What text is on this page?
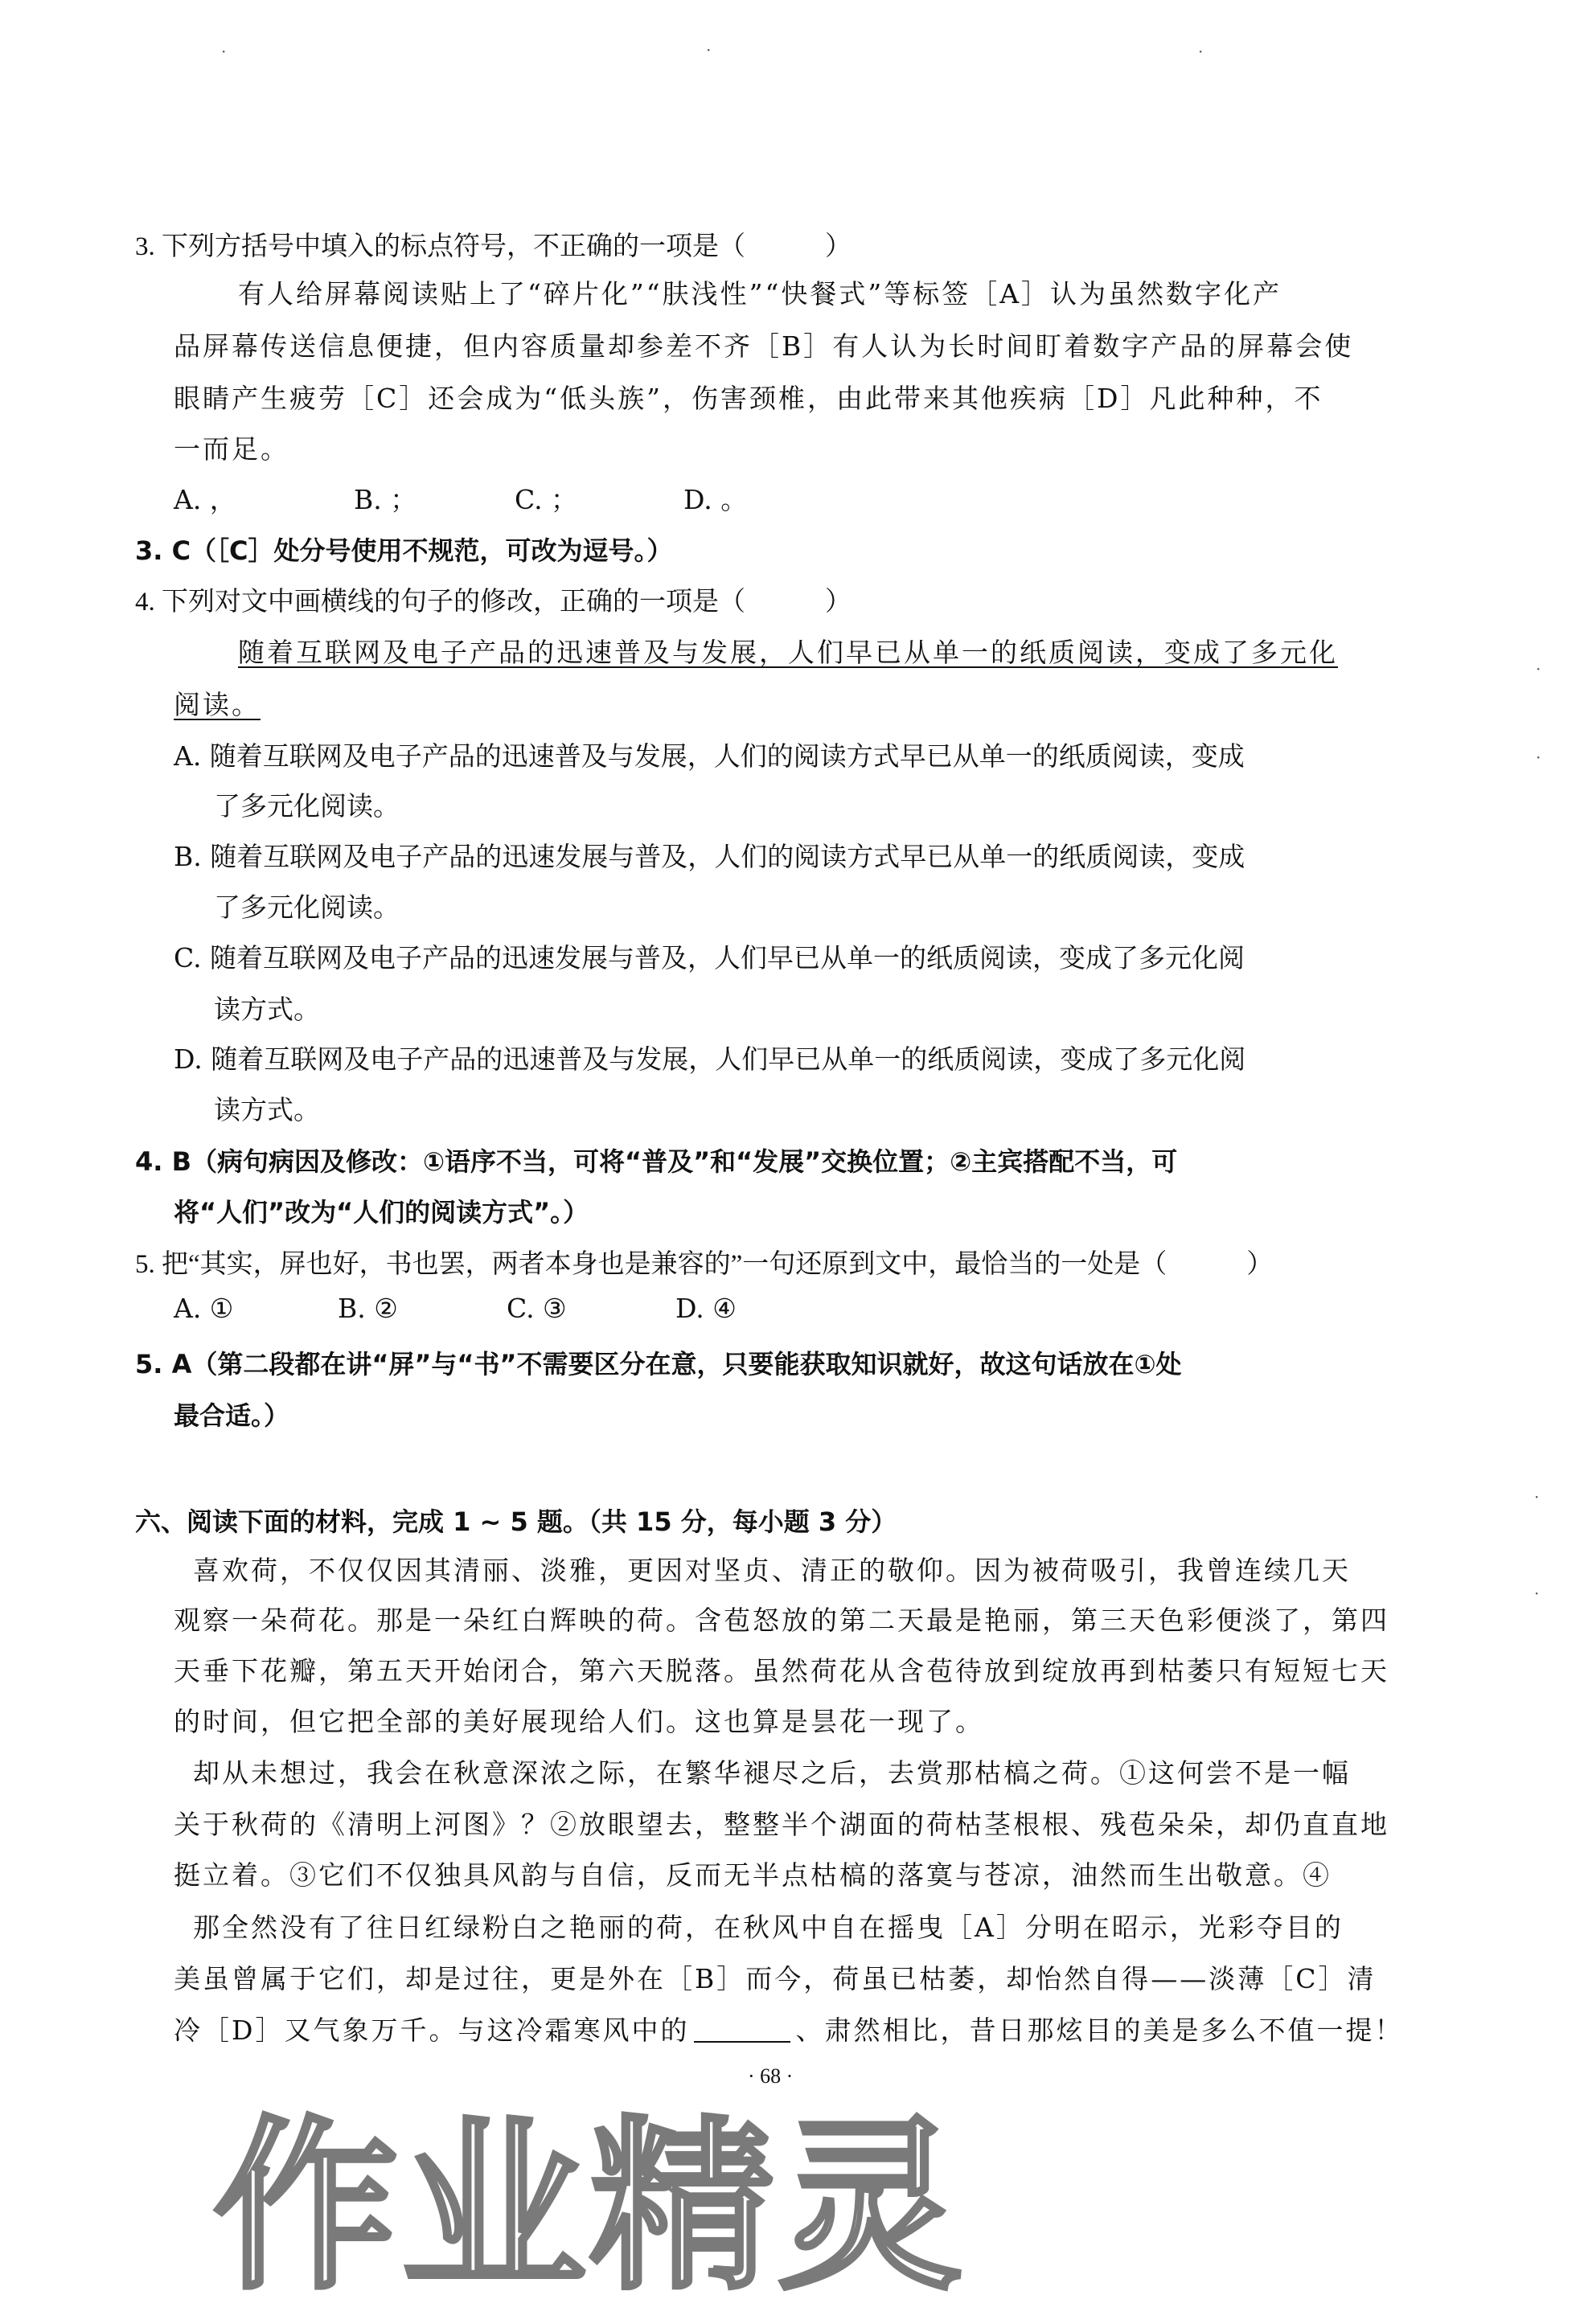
·	·	·
·
·
·
·
3. 下列方括号中填入的标点符号，不正确的一项是（　　　）
有人给屏幕阅读贴上了“碎片化”“肤浅性”“快餐式”等标签［A］认为虽然数字化产
品屏幕传送信息便捷，但内容质量却参差不齐［B］有人认为长时间盯着数字产品的屏幕会使
眼睛产生疲劳［C］还会成为“低头族”，伤害颈椎，由此带来其他疾病［D］凡此种种，不
一而足。
A. ，	B. ；	C. ；	D. 。
3. C（［C］处分号使用不规范，可改为逗号。）
4. 下列对文中画横线的句子的修改，正确的一项是（　　　）
随着互联网及电子产品的迅速普及与发展，人们早已从单一的纸质阅读，变成了多元化
阅读。
A. 随着互联网及电子产品的迅速普及与发展，人们的阅读方式早已从单一的纸质阅读，变成
了多元化阅读。
B. 随着互联网及电子产品的迅速发展与普及，人们的阅读方式早已从单一的纸质阅读，变成
了多元化阅读。
C. 随着互联网及电子产品的迅速发展与普及，人们早已从单一的纸质阅读，变成了多元化阅
读方式。
D. 随着互联网及电子产品的迅速普及与发展，人们早已从单一的纸质阅读，变成了多元化阅
读方式。
4. B（病句病因及修改：①语序不当，可将“普及”和“发展”交换位置；②主宾搭配不当，可
将“人们”改为“人们的阅读方式”。）
5. 把“其实，屏也好，书也罢，两者本身也是兼容的”一句还原到文中，最恰当的一处是（　　　）
A. ①	B. ②	C. ③	D. ④
5. A（第二段都在讲“屏”与“书”不需要区分在意，只要能获取知识就好，故这句话放在①处
最合适。）
六、阅读下面的材料，完成 1 ~ 5 题。（共 15 分，每小题 3 分）
喜欢荷，不仅仅因其清丽、淡雅，更因对坚贞、清正的敬仰。因为被荷吸引，我曾连续几天
观察一朵荷花。那是一朵红白辉映的荷。含苞怒放的第二天最是艳丽，第三天色彩便淡了，第四
天垂下花瓣，第五天开始闭合，第六天脱落。虽然荷花从含苞待放到绽放再到枯萎只有短短七天
的时间，但它把全部的美好展现给人们。这也算是昙花一现了。
却从未想过，我会在秋意深浓之际，在繁华褪尽之后，去赏那枯槁之荷。①这何尝不是一幅
关于秋荷的《清明上河图》？②放眼望去，整整半个湖面的荷枯茎根根、残苞朵朵，却仍直直地
挺立着。③它们不仅独具风韵与自信，反而无半点枯槁的落寞与苍凉，油然而生出敬意。④
那全然没有了往日红绿粉白之艳丽的荷，在秋风中自在摇曳［A］分明在昭示，光彩夺目的
美虽曾属于它们，却是过往，更是外在［B］而今，荷虽已枯萎，却怡然自得——淡薄［C］清
冷［D］又气象万千。与这冷霜寒风中的	、肃然相比，昔日那炫目的美是多么不值一提！
· 68 ·
作业精灵
